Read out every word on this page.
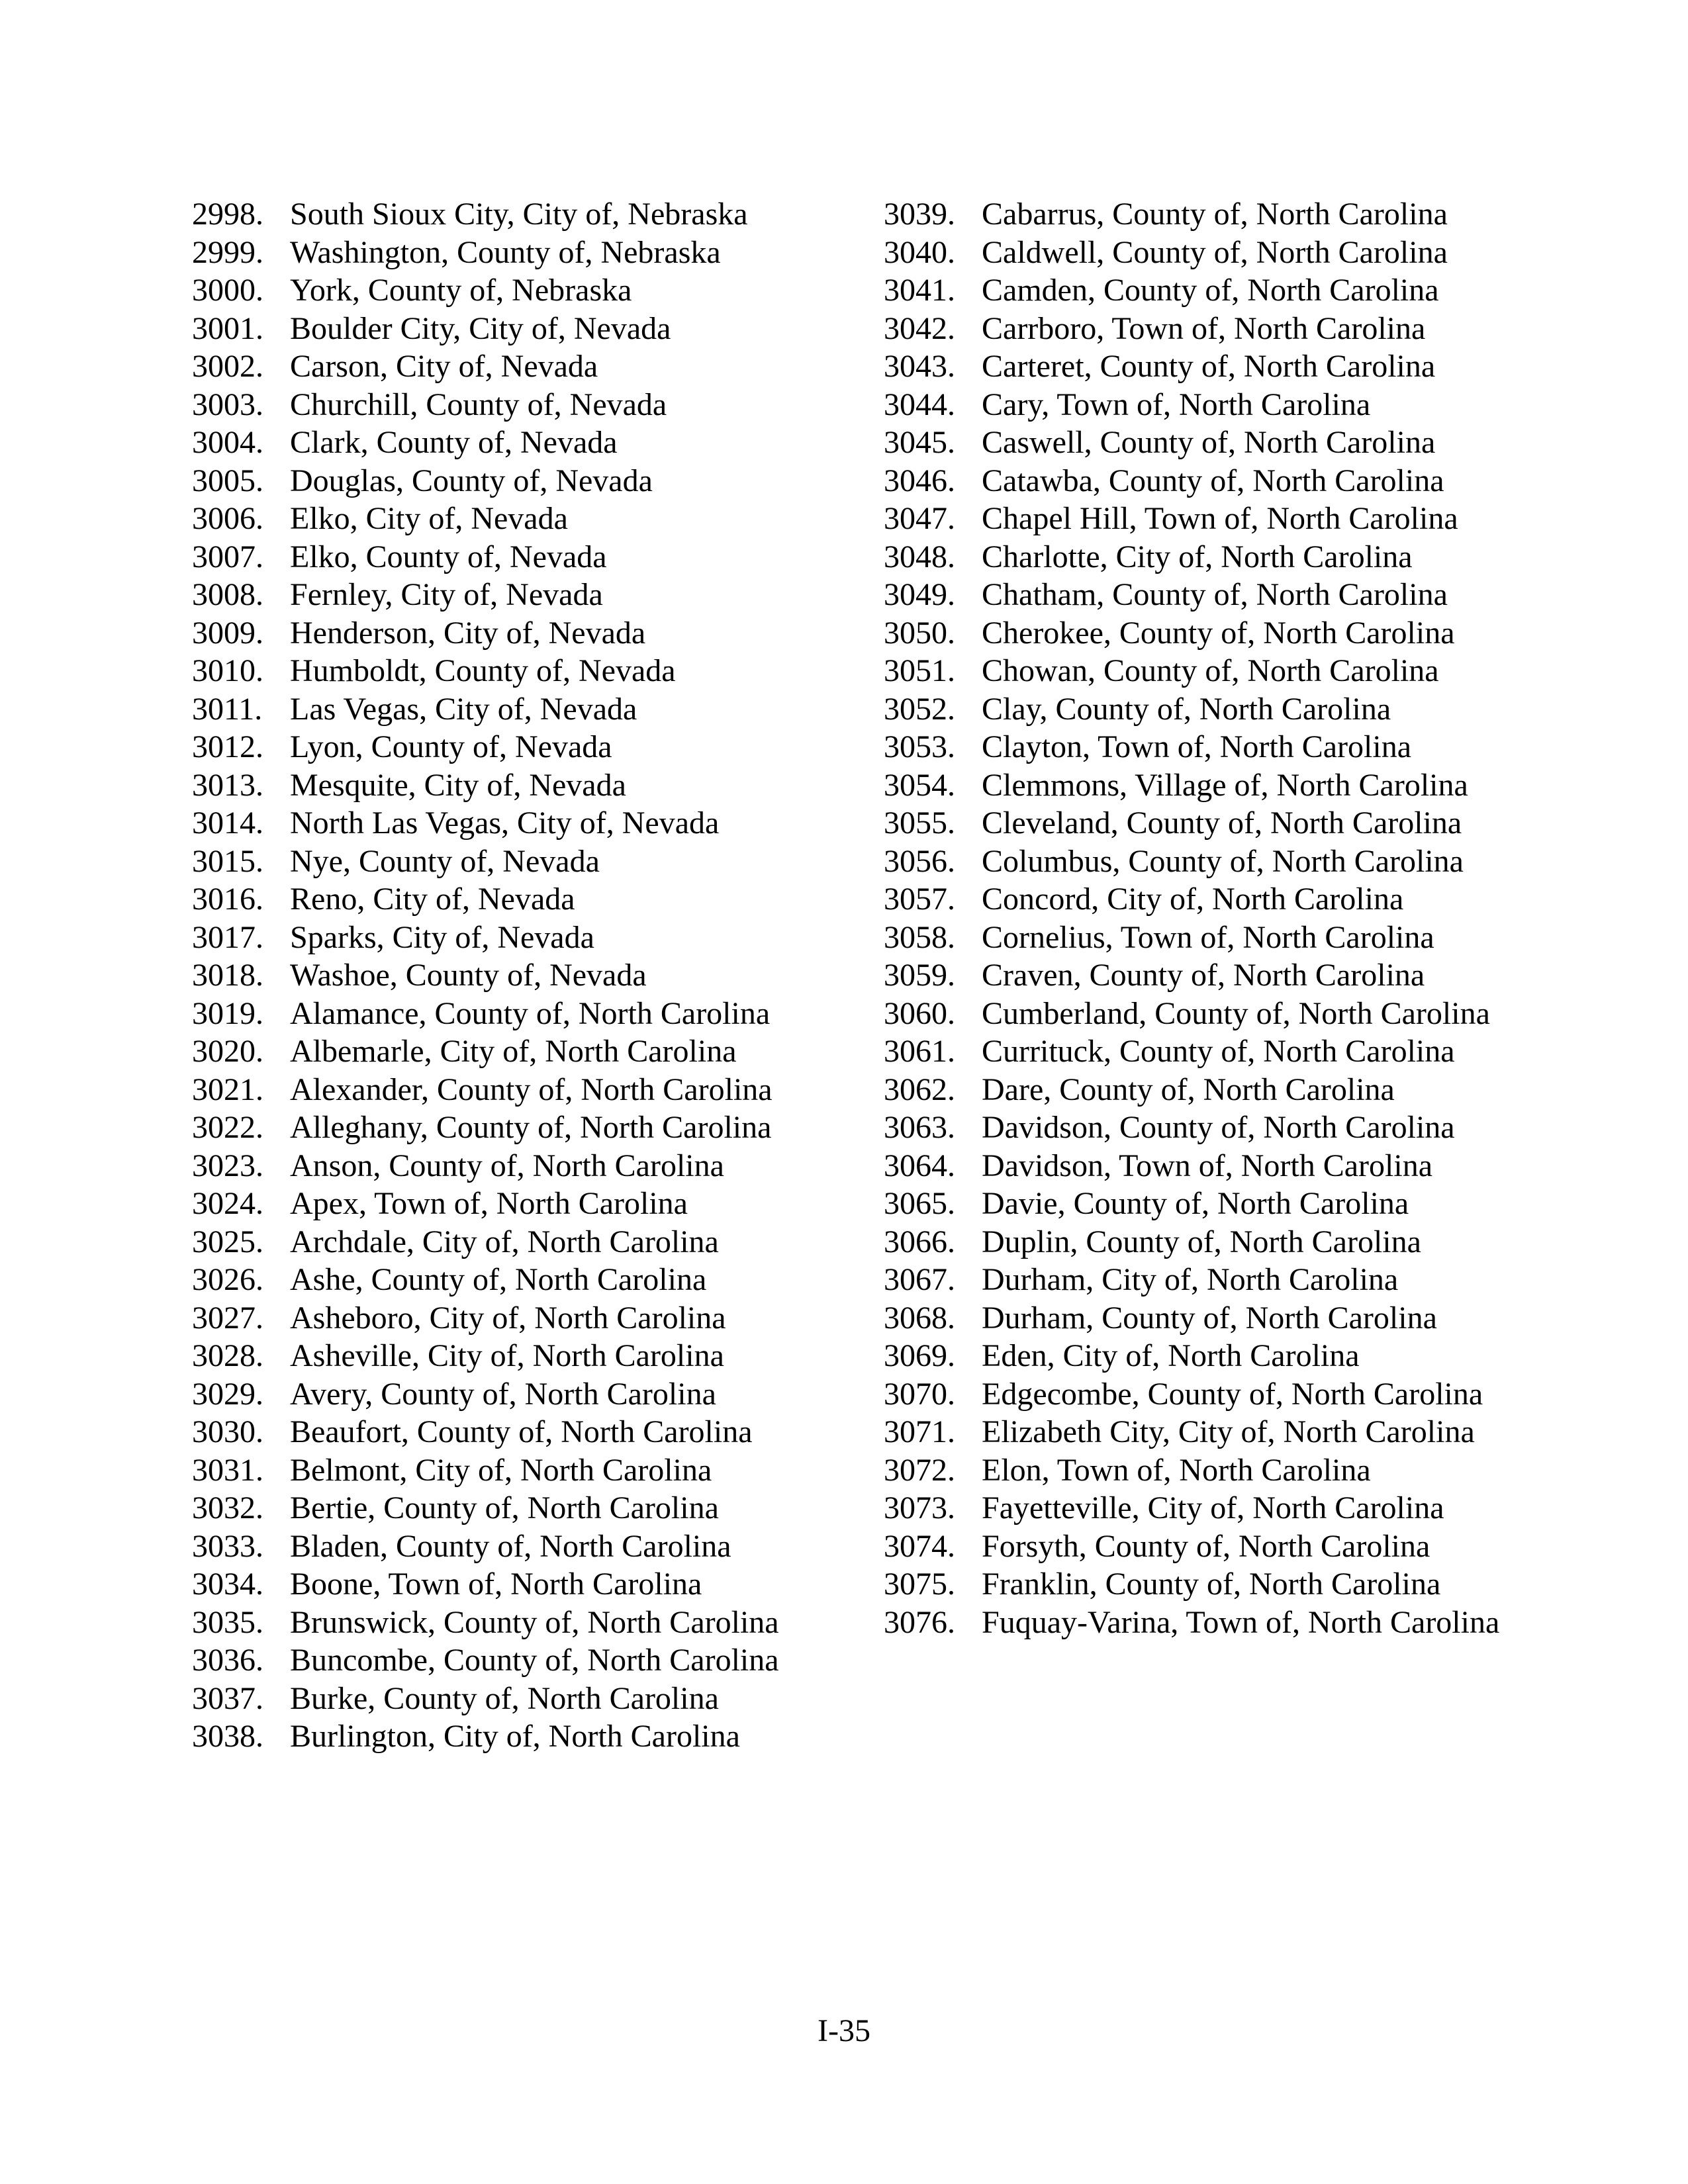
2998. South Sioux City, City of, Nebraska
2999. Washington, County of, Nebraska
3000. York, County of, Nebraska
3001. Boulder City, City of, Nevada
3002. Carson, City of, Nevada
3003. Churchill, County of, Nevada
3004. Clark, County of, Nevada
3005. Douglas, County of, Nevada
3006. Elko, City of, Nevada
3007. Elko, County of, Nevada
3008. Fernley, City of, Nevada
3009. Henderson, City of, Nevada
3010. Humboldt, County of, Nevada
3011. Las Vegas, City of, Nevada
3012. Lyon, County of, Nevada
3013. Mesquite, City of, Nevada
3014. North Las Vegas, City of, Nevada
3015. Nye, County of, Nevada
3016. Reno, City of, Nevada
3017. Sparks, City of, Nevada
3018. Washoe, County of, Nevada
3019. Alamance, County of, North Carolina
3020. Albemarle, City of, North Carolina
3021. Alexander, County of, North Carolina
3022. Alleghany, County of, North Carolina
3023. Anson, County of, North Carolina
3024. Apex, Town of, North Carolina
3025. Archdale, City of, North Carolina
3026. Ashe, County of, North Carolina
3027. Asheboro, City of, North Carolina
3028. Asheville, City of, North Carolina
3029. Avery, County of, North Carolina
3030. Beaufort, County of, North Carolina
3031. Belmont, City of, North Carolina
3032. Bertie, County of, North Carolina
3033. Bladen, County of, North Carolina
3034. Boone, Town of, North Carolina
3035. Brunswick, County of, North Carolina
3036. Buncombe, County of, North Carolina
3037. Burke, County of, North Carolina
3038. Burlington, City of, North Carolina
3039. Cabarrus, County of, North Carolina
3040. Caldwell, County of, North Carolina
3041. Camden, County of, North Carolina
3042. Carrboro, Town of, North Carolina
3043. Carteret, County of, North Carolina
3044. Cary, Town of, North Carolina
3045. Caswell, County of, North Carolina
3046. Catawba, County of, North Carolina
3047. Chapel Hill, Town of, North Carolina
3048. Charlotte, City of, North Carolina
3049. Chatham, County of, North Carolina
3050. Cherokee, County of, North Carolina
3051. Chowan, County of, North Carolina
3052. Clay, County of, North Carolina
3053. Clayton, Town of, North Carolina
3054. Clemmons, Village of, North Carolina
3055. Cleveland, County of, North Carolina
3056. Columbus, County of, North Carolina
3057. Concord, City of, North Carolina
3058. Cornelius, Town of, North Carolina
3059. Craven, County of, North Carolina
3060. Cumberland, County of, North Carolina
3061. Currituck, County of, North Carolina
3062. Dare, County of, North Carolina
3063. Davidson, County of, North Carolina
3064. Davidson, Town of, North Carolina
3065. Davie, County of, North Carolina
3066. Duplin, County of, North Carolina
3067. Durham, City of, North Carolina
3068. Durham, County of, North Carolina
3069. Eden, City of, North Carolina
3070. Edgecombe, County of, North Carolina
3071. Elizabeth City, City of, North Carolina
3072. Elon, Town of, North Carolina
3073. Fayetteville, City of, North Carolina
3074. Forsyth, County of, North Carolina
3075. Franklin, County of, North Carolina
3076. Fuquay-Varina, Town of, North Carolina
I-35
